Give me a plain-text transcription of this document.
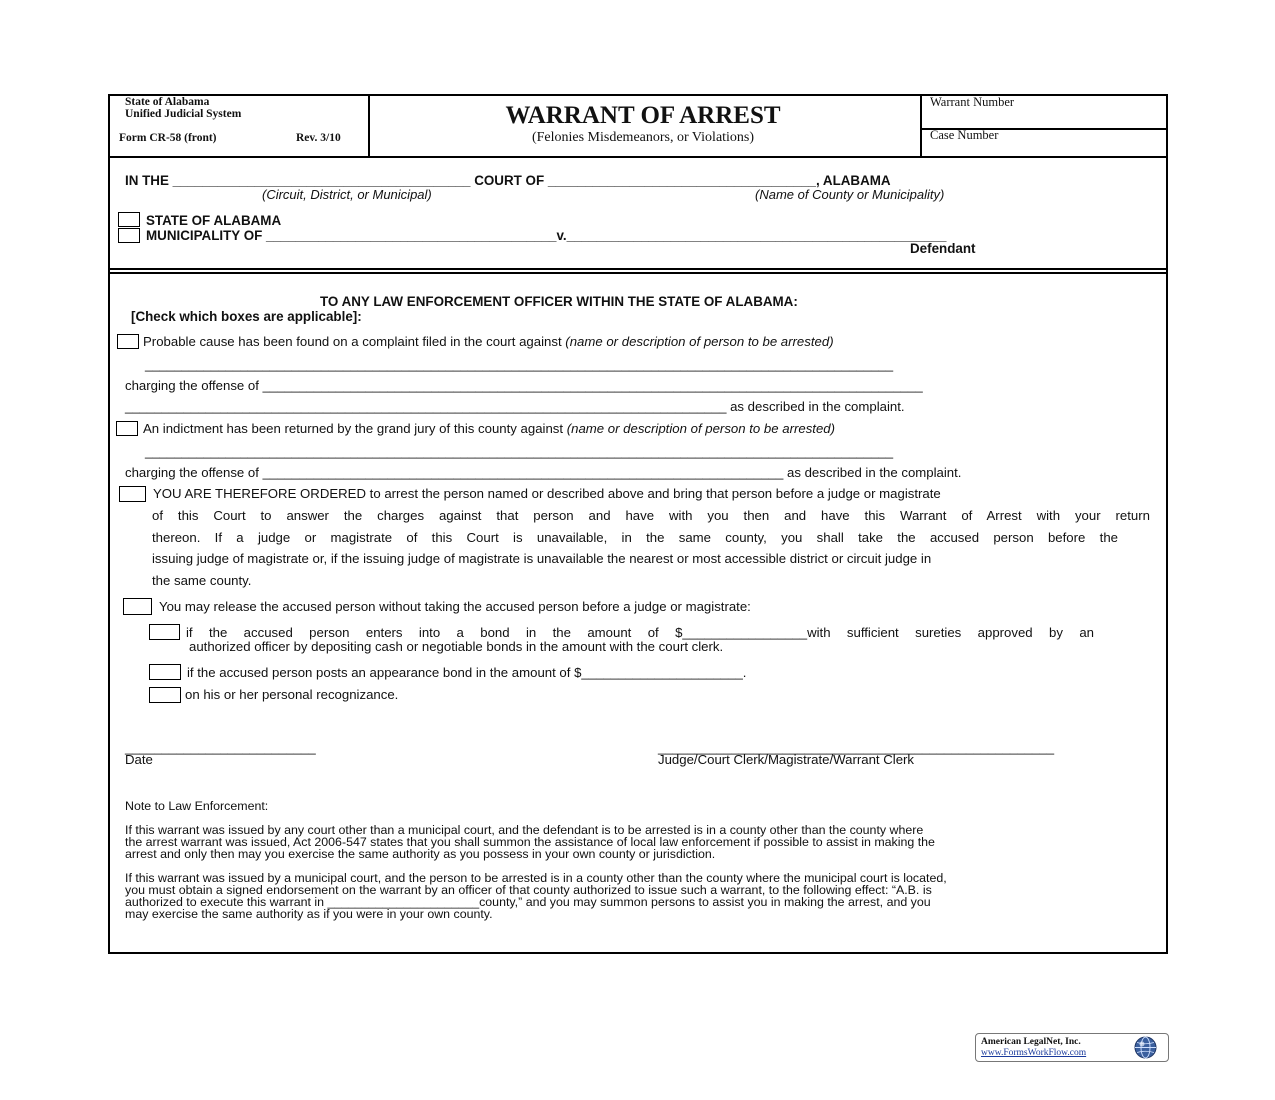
State of Alabama
Unified Judicial System
Form CR-58 (front)	Rev. 3/10
WARRANT OF ARREST
(Felonies Misdemeanors, or Violations)
Warrant Number
Case Number
IN THE ________________________________________ COURT OF ____________________________________, ALABAMA
(Circuit, District, or Municipal)	(Name of County or Municipality)
STATE OF ALABAMA
MUNICIPALITY OF _______________________________________v.___________________________________________________
Defendant
TO ANY LAW ENFORCEMENT OFFICER WITHIN THE STATE OF ALABAMA:
[Check which boxes are applicable]:
Probable cause has been found on a complaint filed in the court against (name or description of person to be arrested)
______________________________________________________________________________________________________
charging the offense of __________________________________________________________________________________________
__________________________________________________________________________________ as described in the complaint.
An indictment has been returned by the grand jury of this county against (name or description of person to be arrested)
______________________________________________________________________________________________________
charging the offense of _______________________________________________________________________ as described in the complaint.
YOU ARE THEREFORE ORDERED to arrest the person named or described above and bring that person before a judge or magistrate
of this Court to answer the charges against that person and have with you then and have this Warrant of Arrest with your return
thereon. If a judge or magistrate of this Court is unavailable, in the same county, you shall take the accused person before the
issuing judge of magistrate or, if the issuing judge of magistrate is unavailable the nearest or most accessible district or circuit judge in
the same county.
You may release the accused person without taking the accused person before a judge or magistrate:
if the accused person enters into a bond in the amount of $_________________with sufficient sureties approved by an
authorized officer by depositing cash or negotiable bonds in the amount with the court clerk.
if the accused person posts an appearance bond in the amount of $______________________.
on his or her personal recognizance.
__________________________
Date
______________________________________________________
Judge/Court Clerk/Magistrate/Warrant Clerk
Note to Law Enforcement:
If this warrant was issued by any court other than a municipal court, and the defendant is to be arrested is in a county other than the county where
the arrest warrant was issued, Act 2006-547 states that you shall summon the assistance of local law enforcement if possible to assist in making the
arrest and only then may you exercise the same authority as you possess in your own county or jurisdiction.
If this warrant was issued by a municipal court, and the person to be arrested is in a county other than the county where the municipal court is located,
you must obtain a signed endorsement on the warrant by an officer of that county authorized to issue such a warrant, to the following effect: “A.B. is
authorized to execute this warrant in ______________________county,” and you may summon persons to assist you in making the arrest, and you
may exercise the same authority as if you were in your own county.
American LegalNet, Inc.
www.FormsWorkFlow.com
